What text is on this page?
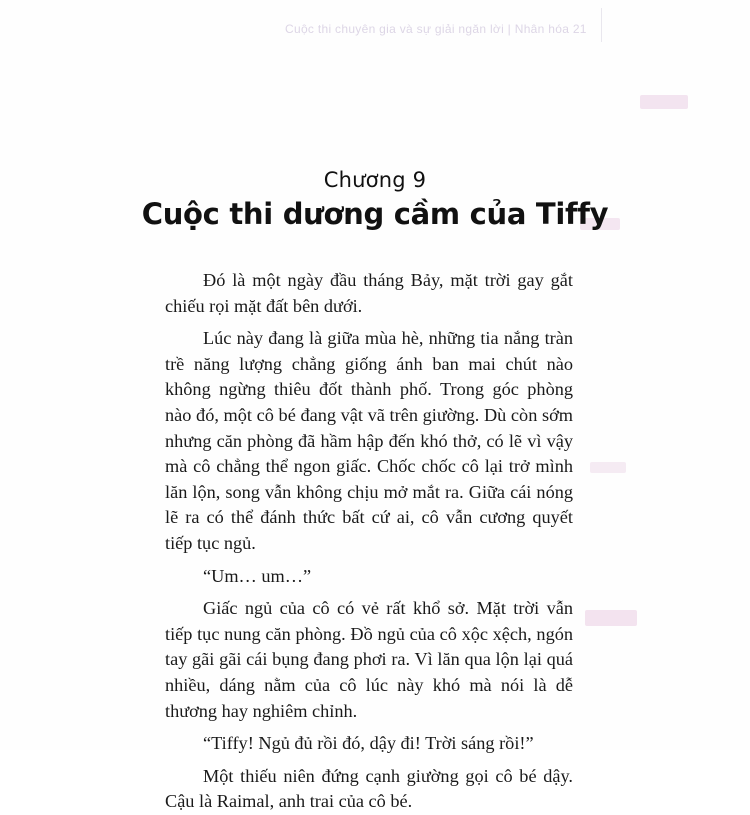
Cuộc thi chuyên gia và sự giải ngăn lời | Nhân hóa 21
Chương 9
Cuộc thi dương cầm của Tiffy

Đó là một ngày đầu tháng Bảy, mặt trời gay gắt chiếu rọi mặt đất bên dưới.

Lúc này đang là giữa mùa hè, những tia nắng tràn trề năng lượng chẳng giống ánh ban mai chút nào không ngừng thiêu đốt thành phố. Trong góc phòng nào đó, một cô bé đang vật vã trên giường. Dù còn sớm nhưng căn phòng đã hầm hập đến khó thở, có lẽ vì vậy mà cô chẳng thể ngon giấc. Chốc chốc cô lại trở mình lăn lộn, song vẫn không chịu mở mắt ra. Giữa cái nóng lẽ ra có thể đánh thức bất cứ ai, cô vẫn cương quyết tiếp tục ngủ.

“Um… um…”

Giấc ngủ của cô có vẻ rất khổ sở. Mặt trời vẫn tiếp tục nung căn phòng. Đồ ngủ của cô xộc xệch, ngón tay gãi gãi cái bụng đang phơi ra. Vì lăn qua lộn lại quá nhiều, dáng nằm của cô lúc này khó mà nói là dễ thương hay nghiêm chỉnh.

“Tiffy! Ngủ đủ rồi đó, dậy đi! Trời sáng rồi!”

Một thiếu niên đứng cạnh giường gọi cô bé dậy. Cậu là Raimal, anh trai của cô bé.
